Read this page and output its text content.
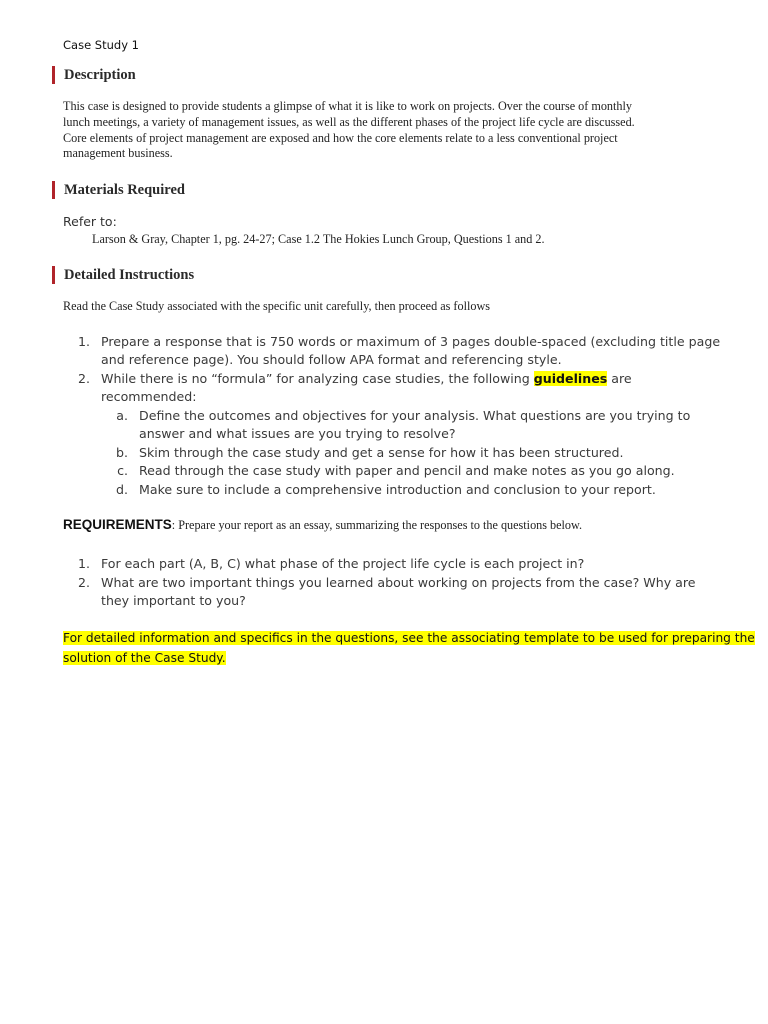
Case Study 1
Description
This case is designed to provide students a glimpse of what it is like to work on projects. Over the course of monthly
lunch meetings, a variety of management issues, as well as the different phases of the project life cycle are discussed.
Core elements of project management are exposed and how the core elements relate to a less conventional project
management business.
Materials Required
Refer to:
Larson & Gray, Chapter 1, pg. 24-27; Case 1.2 The Hokies Lunch Group, Questions 1 and 2.
Detailed Instructions
Read the Case Study associated with the specific unit carefully, then proceed as follows
1. Prepare a response that is 750 words or maximum of 3 pages double-spaced (excluding title page
and reference page). You should follow APA format and referencing style.
2. While there is no “formula” for analyzing case studies, the following guidelines are
recommended:
a. Define the outcomes and objectives for your analysis. What questions are you trying to
answer and what issues are you trying to resolve?
b. Skim through the case study and get a sense for how it has been structured.
c. Read through the case study with paper and pencil and make notes as you go along.
d. Make sure to include a comprehensive introduction and conclusion to your report.
REQUIREMENTS: Prepare your report as an essay, summarizing the responses to the questions below.
1. For each part (A, B, C) what phase of the project life cycle is each project in?
2. What are two important things you learned about working on projects from the case? Why are
they important to you?
For detailed information and specifics in the questions, see the associating template to be used for preparing the
solution of the Case Study.
